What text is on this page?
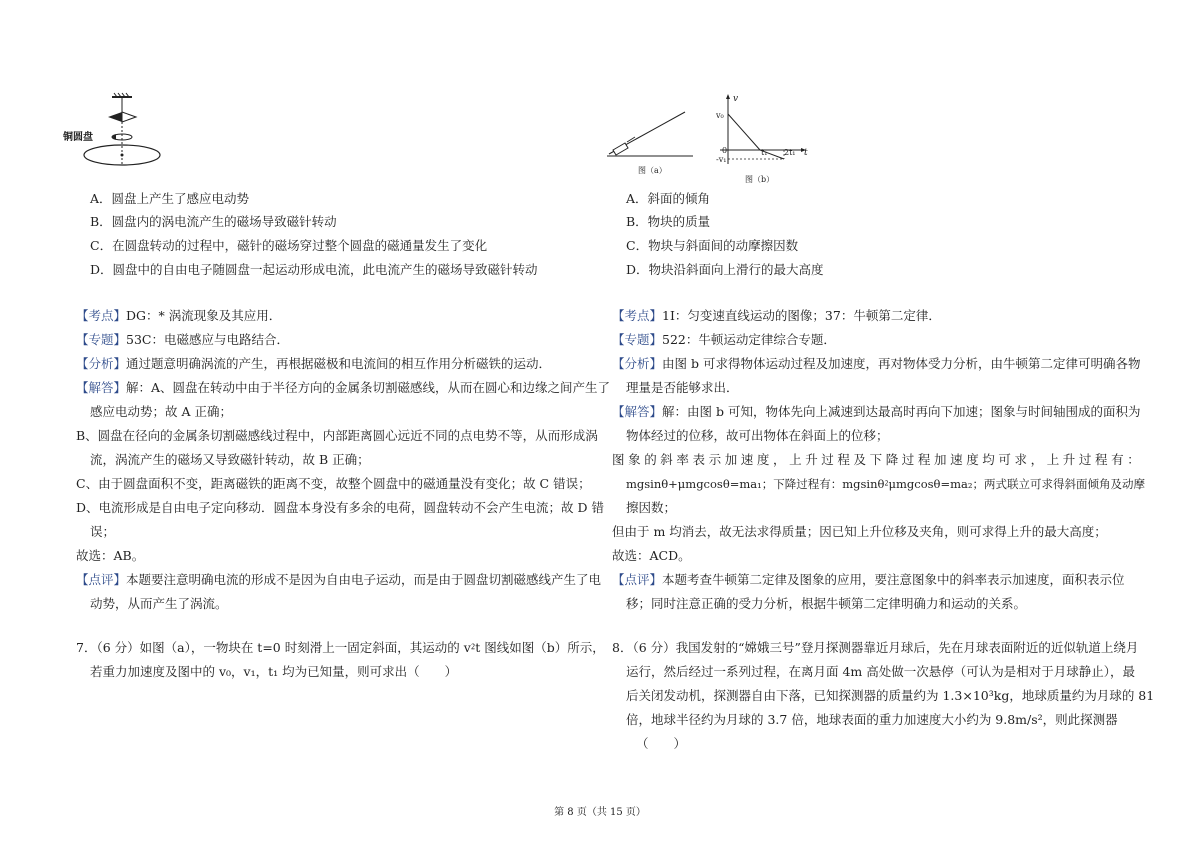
铜圆盘
A．圆盘上产生了感应电动势
B．圆盘内的涡电流产生的磁场导致磁针转动
C．在圆盘转动的过程中，磁针的磁场穿过整个圆盘的磁通量发生了变化
D．圆盘中的自由电子随圆盘一起运动形成电流，此电流产生的磁场导致磁针转动
【考点】DG：* 涡流现象及其应用．
【专题】53C：电磁感应与电路结合．
【分析】通过题意明确涡流的产生，再根据磁极和电流间的相互作用分析磁铁的运动．
【解答】解：A、圆盘在转动中由于半径方向的金属条切割磁感线，从而在圆心和边缘之间产生了
感应电动势；故 A 正确；
B、圆盘在径向的金属条切割磁感线过程中，内部距离圆心远近不同的点电势不等，从而形成涡
流，涡流产生的磁场又导致磁针转动，故 B 正确；
C、由于圆盘面积不变，距离磁铁的距离不变，故整个圆盘中的磁通量没有变化；故 C 错误；
D、电流形成是自由电子定向移动．圆盘本身没有多余的电荷，圆盘转动不会产生电流；故 D 错
误；
故选：AB。
【点评】本题要注意明确电流的形成不是因为自由电子运动，而是由于圆盘切割磁感线产生了电
动势，从而产生了涡流。
7．（6 分）如图（a），一物块在 t=0 时刻滑上一固定斜面，其运动的 v⁲t 图线如图（b）所示，
若重力加速度及图中的 v₀，v₁，t₁ 均为已知量，则可求出（　　）
图（a）
v
t
v₀
-v₁
0	t₁ 2t₁
图（b）
A．斜面的倾角
B．物块的质量
C．物块与斜面间的动摩擦因数
D．物块沿斜面向上滑行的最大高度
【考点】1I：匀变速直线运动的图像；37：牛顿第二定律．
【专题】522：牛顿运动定律综合专题．
【分析】由图 b 可求得物体运动过程及加速度，再对物体受力分析，由牛顿第二定律可明确各物
理量是否能够求出．
【解答】解：由图 b 可知，物体先向上减速到达最高时再向下加速；图象与时间轴围成的面积为
物体经过的位移，故可出物体在斜面上的位移；
图象的斜率表示加速度，上升过程及下降过程加速度均可求，上升过程有：
mgsinθ+μmgcosθ=ma₁；下降过程有：mgsinθ⁲μmgcosθ=ma₂；两式联立可求得斜面倾角及动摩
擦因数；
但由于 m 均消去，故无法求得质量；因已知上升位移及夹角，则可求得上升的最大高度；
故选：ACD。
【点评】本题考查牛顿第二定律及图象的应用，要注意图象中的斜率表示加速度，面积表示位
移；同时注意正确的受力分析，根据牛顿第二定律明确力和运动的关系。
8．（6 分）我国发射的“嫦娥三号”登月探测器靠近月球后，先在月球表面附近的近似轨道上绕月
运行，然后经过一系列过程，在离月面 4m 高处做一次悬停（可认为是相对于月球静止），最
后关闭发动机，探测器自由下落，已知探测器的质量约为 1.3×10³kg，地球质量约为月球的 81
倍，地球半径约为月球的 3.7 倍，地球表面的重力加速度大小约为 9.8m/s²，则此探测器
（　　）
第 8 页（共 15 页）
